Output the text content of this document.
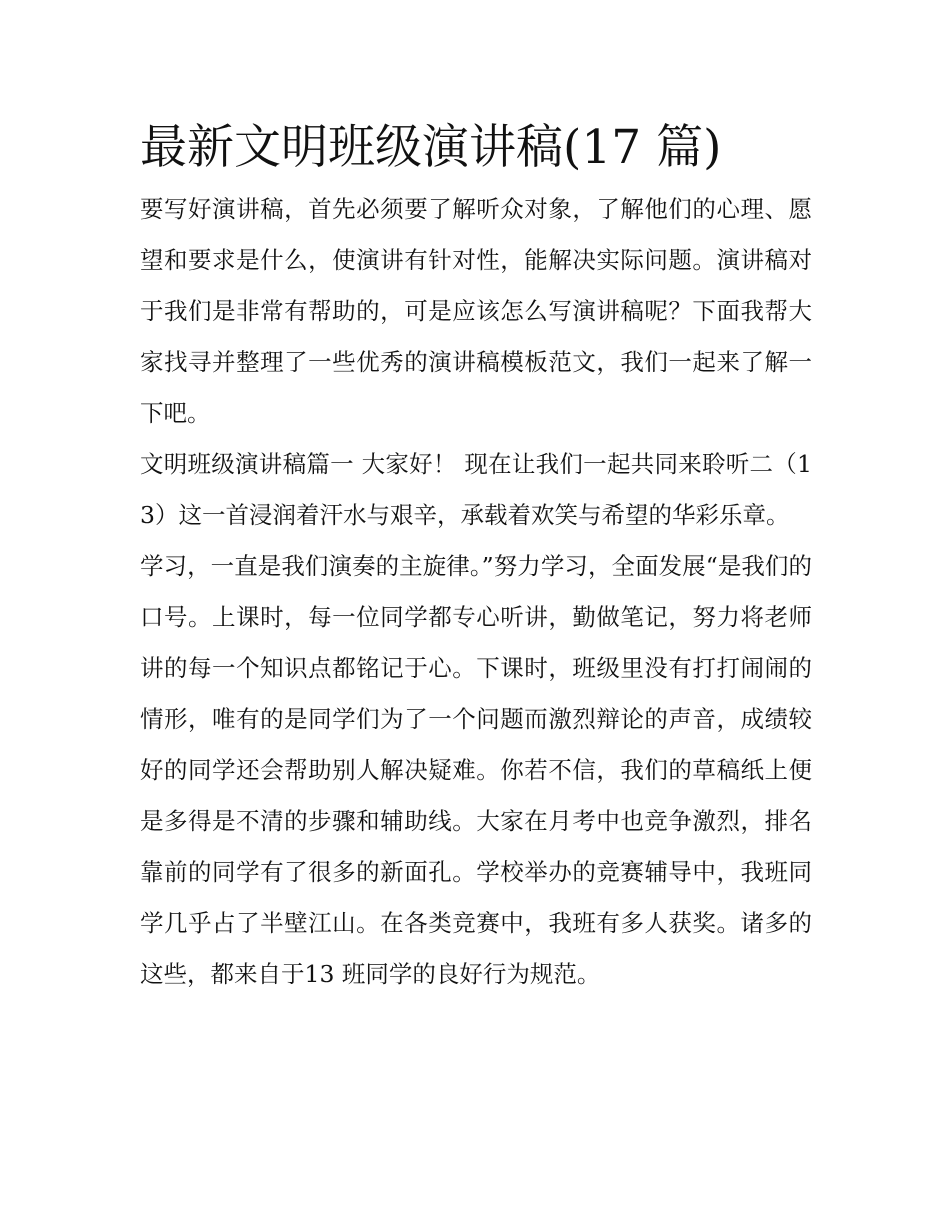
最新文明班级演讲稿(17 篇)

要写好演讲稿，首先必须要了解听众对象，了解他们的心理、愿望和要求是什么，使演讲有针对性，能解决实际问题。演讲稿对于我们是非常有帮助的，可是应该怎么写演讲稿呢？下面我帮大家找寻并整理了一些优秀的演讲稿模板范文，我们一起来了解一下吧。

文明班级演讲稿篇一 大家好！ 现在让我们一起共同来聆听二（13）这一首浸润着汗水与艰辛，承载着欢笑与希望的华彩乐章。

学习，一直是我们演奏的主旋律。”努力学习，全面发展“是我们的口号。上课时，每一位同学都专心听讲，勤做笔记，努力将老师讲的每一个知识点都铭记于心。下课时，班级里没有打打闹闹的情形，唯有的是同学们为了一个问题而激烈辩论的声音，成绩较好的同学还会帮助别人解决疑难。你若不信，我们的草稿纸上便是多得是不清的步骤和辅助线。大家在月考中也竞争激烈，排名靠前的同学有了很多的新面孔。学校举办的竞赛辅导中，我班同学几乎占了半壁江山。在各类竞赛中，我班有多人获奖。诸多的这些，都来自于13 班同学的良好行为规范。
